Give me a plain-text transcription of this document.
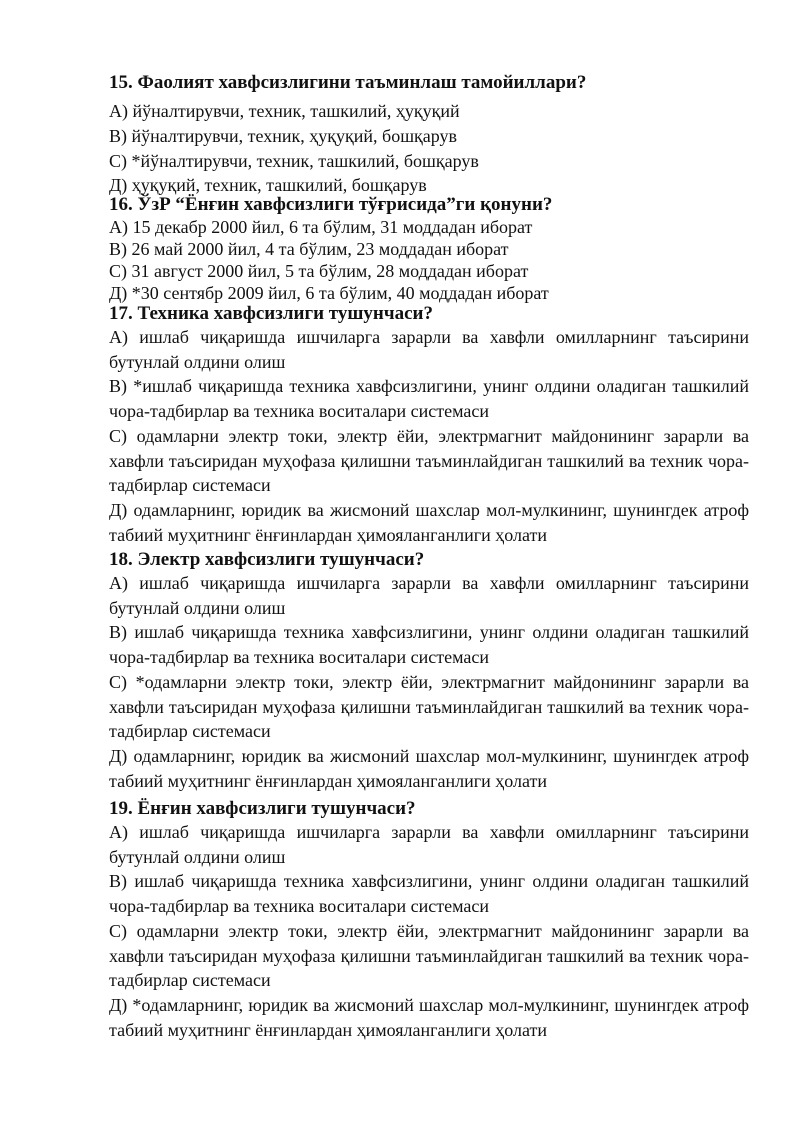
15. Фаолият хавфсизлигини таъминлаш тамойиллари?

А) йўналтирувчи, техник, ташкилий, ҳуқуқий

В) йўналтирувчи, техник, ҳуқуқий, бошқарув

С) *йўналтирувчи, техник, ташкилий, бошқарув

Д) ҳуқуқий, техник, ташкилий, бошқарув

16. ЎзР “Ёнғин хавфсизлиги тўғрисида”ги қонуни?

А) 15 декабр 2000 йил, 6 та бўлим, 31 моддадан иборат

В) 26 май 2000 йил, 4 та бўлим, 23 моддадан иборат

С) 31 август 2000 йил, 5 та бўлим, 28 моддадан иборат

Д) *30 сентябр 2009 йил, 6 та бўлим, 40 моддадан иборат

17. Техника хавфсизлиги тушунчаси?

А) ишлаб чиқаришда ишчиларга зарарли ва хавфли омилларнинг таъсирини бутунлай олдини олиш

В) *ишлаб чиқаришда техника хавфсизлигини, унинг олдини оладиган ташкилий чора-тадбирлар ва техника воситалари системаси

С) одамларни электр токи, электр ёйи, электрмагнит майдонининг зарарли ва хавфли таъсиридан муҳофаза қилишни таъминлайдиган ташкилий ва техник чора-тадбирлар системаси

Д) одамларнинг, юридик ва жисмоний шахслар мол-мулкининг, шунингдек атроф табиий муҳитнинг ёнғинлардан ҳимояланганлиги ҳолати

18. Электр хавфсизлиги тушунчаси?

А) ишлаб чиқаришда ишчиларга зарарли ва хавфли омилларнинг таъсирини бутунлай олдини олиш

В) ишлаб чиқаришда техника хавфсизлигини, унинг олдини оладиган ташкилий чора-тадбирлар ва техника воситалари системаси

С) *одамларни электр токи, электр ёйи, электрмагнит майдонининг зарарли ва хавфли таъсиридан муҳофаза қилишни таъминлайдиган ташкилий ва техник чора-тадбирлар системаси

Д) одамларнинг, юридик ва жисмоний шахслар мол-мулкининг, шунингдек атроф табиий муҳитнинг ёнғинлардан ҳимояланганлиги ҳолати

19. Ёнғин хавфсизлиги тушунчаси?

А) ишлаб чиқаришда ишчиларга зарарли ва хавфли омилларнинг таъсирини бутунлай олдини олиш

В) ишлаб чиқаришда техника хавфсизлигини, унинг олдини оладиган ташкилий чора-тадбирлар ва техника воситалари системаси

С) одамларни электр токи, электр ёйи, электрмагнит майдонининг зарарли ва хавфли таъсиридан муҳофаза қилишни таъминлайдиган ташкилий ва техник чора-тадбирлар системаси

Д) *одамларнинг, юридик ва жисмоний шахслар мол-мулкининг, шунингдек атроф табиий муҳитнинг ёнғинлардан ҳимояланганлиги ҳолати
